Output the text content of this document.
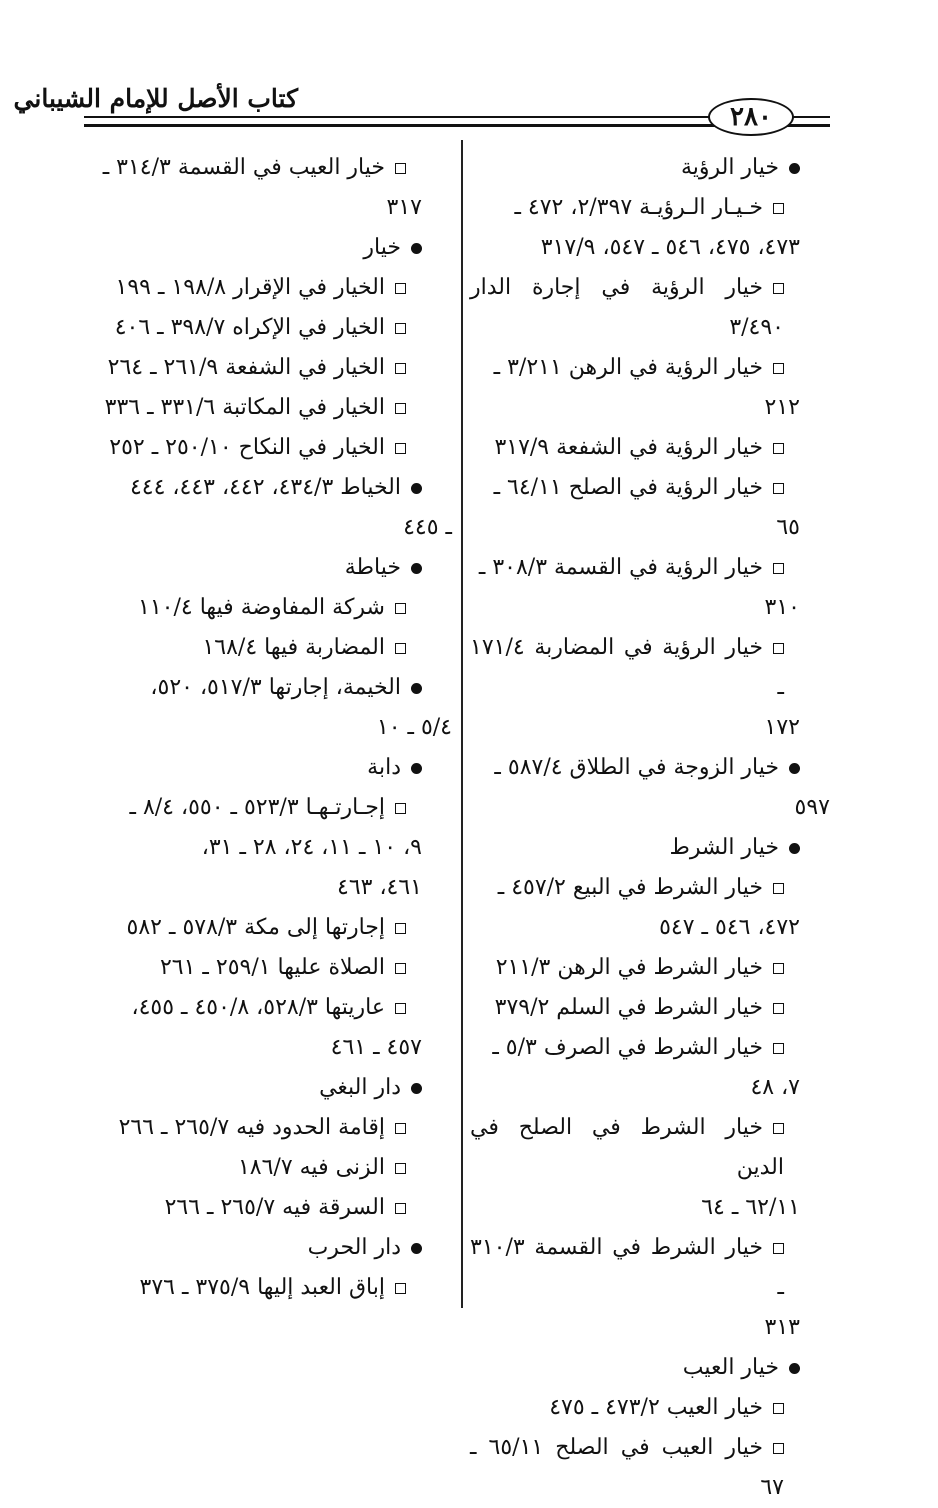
كتاب الأصل للإمام الشيباني
٢٨٠
خيار الرؤية
خـيـار الـرؤيـة ٢/٣٩٧، ٤٧٢ ـ
٤٧٣، ٤٧٥، ٥٤٦ ـ ٥٤٧، ٣١٧/٩
خيار الرؤية في إجارة الدار ٣/٤٩٠
خيار الرؤية في الرهن ٣/٢١١ ـ
٢١٢
خيار الرؤية في الشفعة ٣١٧/٩
خيار الرؤية في الصلح ٦٤/١١ ـ
٦٥
خيار الرؤية في القسمة ٣٠٨/٣ ـ
٣١٠
خيار الرؤية في المضاربة ١٧١/٤ ـ
١٧٢
خيار الزوجة في الطلاق ٥٨٧/٤ ـ
٥٩٧
خيار الشرط
خيار الشرط في البيع ٤٥٧/٢ ـ
٤٧٢، ٥٤٦ ـ ٥٤٧
خيار الشرط في الرهن ٢١١/٣
خيار الشرط في السلم ٣٧٩/٢
خيار الشرط في الصرف ٥/٣ ـ
٧، ٤٨
خيار الشرط في الصلح في الدين
٦٢/١١ ـ ٦٤
خيار الشرط في القسمة ٣١٠/٣ ـ
٣١٣
خيار العيب
خيار العيب ٤٧٣/٢ ـ ٤٧٥
خيار العيب في الصلح ٦٥/١١ ـ ٦٧
خيار العيب في القسمة ٣١٤/٣ ـ
٣١٧
خيار
الخيار في الإقرار ١٩٨/٨ ـ ١٩٩
الخيار في الإكراه ٣٩٨/٧ ـ ٤٠٦
الخيار في الشفعة ٢٦١/٩ ـ ٢٦٤
الخيار في المكاتبة ٣٣١/٦ ـ ٣٣٦
الخيار في النكاح ٢٥٠/١٠ ـ ٢٥٢
الخياط ٤٣٤/٣، ٤٤٢، ٤٤٣، ٤٤٤
ـ ٤٤٥
خياطة
شركة المفاوضة فيها ١١٠/٤
المضاربة فيها ١٦٨/٤
الخيمة، إجارتها ٥١٧/٣، ٥٢٠،
٥/٤ ـ ١٠
دابة
إجـارتـهـا ٥٢٣/٣ ـ ٥٥٠، ٨/٤ ـ
٩، ١٠ ـ ١١، ٢٤، ٢٨ ـ ٣١،
٤٦١، ٤٦٣
إجارتها إلى مكة ٥٧٨/٣ ـ ٥٨٢
الصلاة عليها ٢٥٩/١ ـ ٢٦١
عاريتها ٥٢٨/٣، ٤٥٠/٨ ـ ٤٥٥،
٤٥٧ ـ ٤٦١
دار البغي
إقامة الحدود فيه ٢٦٥/٧ ـ ٢٦٦
الزنى فيه ١٨٦/٧
السرقة فيه ٢٦٥/٧ ـ ٢٦٦
دار الحرب
إباق العبد إليها ٣٧٥/٩ ـ ٣٧٦
